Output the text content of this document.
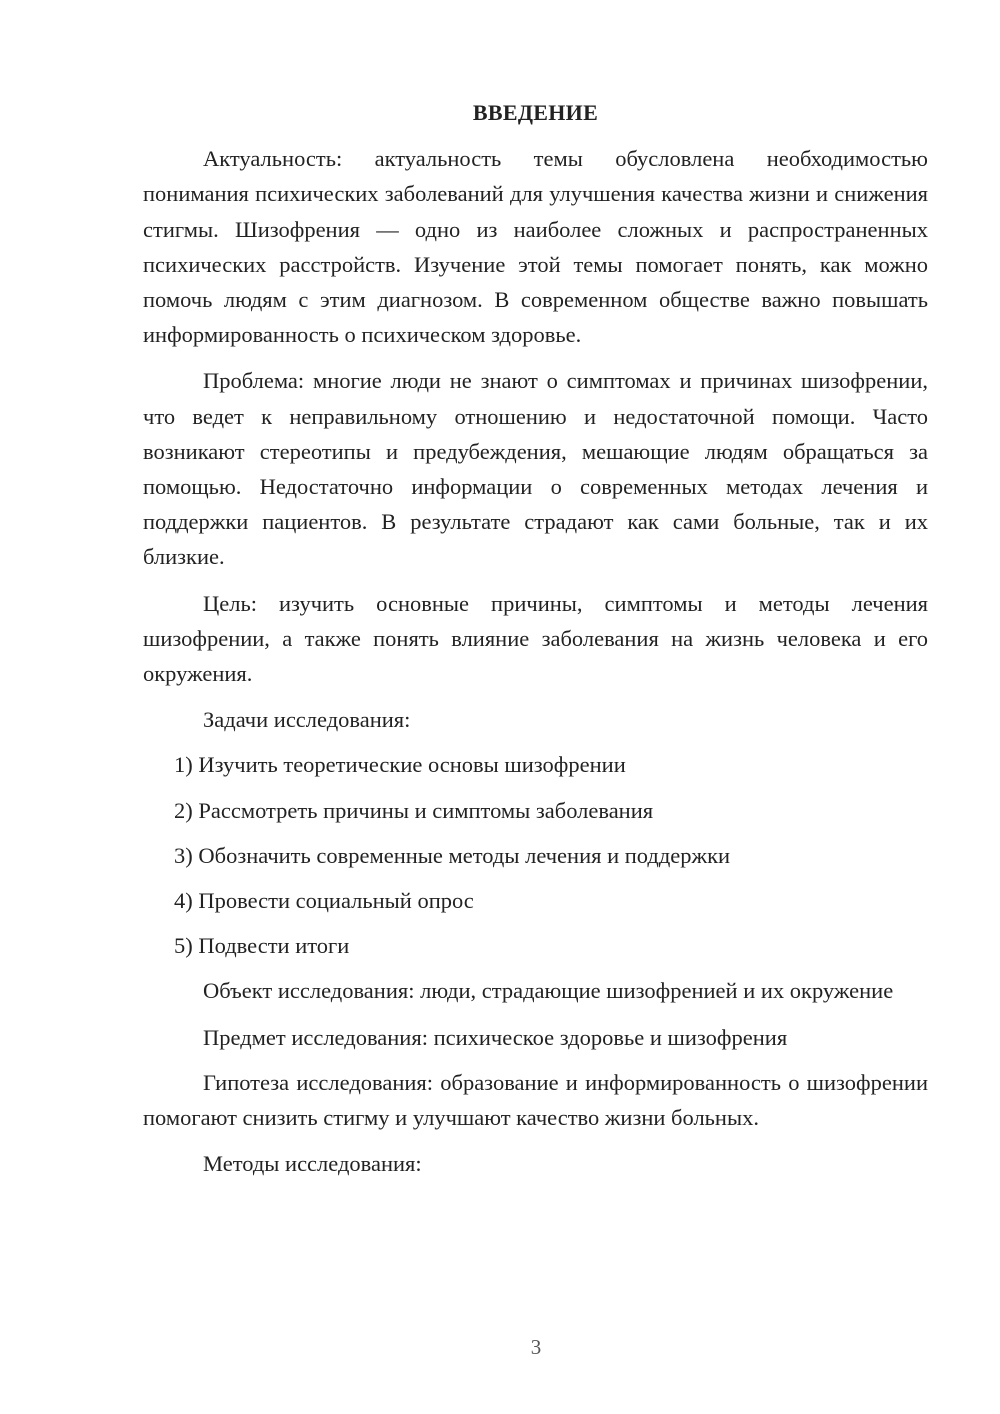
ВВЕДЕНИЕ

Актуальность: актуальность темы обусловлена необходимостью понимания психических заболеваний для улучшения качества жизни и снижения стигмы. Шизофрения — одно из наиболее сложных и распространенных психических расстройств. Изучение этой темы помогает понять, как можно помочь людям с этим диагнозом. В современном обществе важно повышать информированность о психическом здоровье.

Проблема: многие люди не знают о симптомах и причинах шизофрении, что ведет к неправильному отношению и недостаточной помощи. Часто возникают стереотипы и предубеждения, мешающие людям обращаться за помощью. Недостаточно информации о современных методах лечения и поддержки пациентов. В результате страдают как сами больные, так и их близкие.

Цель: изучить основные причины, симптомы и методы лечения шизофрении, а также понять влияние заболевания на жизнь человека и его окружения.

Задачи исследования:

1) Изучить теоретические основы шизофрении
2) Рассмотреть причины и симптомы заболевания
3) Обозначить современные методы лечения и поддержки
4) Провести социальный опрос
5) Подвести итоги

Объект исследования: люди, страдающие шизофренией и их окружение

Предмет исследования: психическое здоровье и шизофрения

Гипотеза исследования: образование и информированность о шизофрении помогают снизить стигму и улучшают качество жизни больных.

Методы исследования:

3
